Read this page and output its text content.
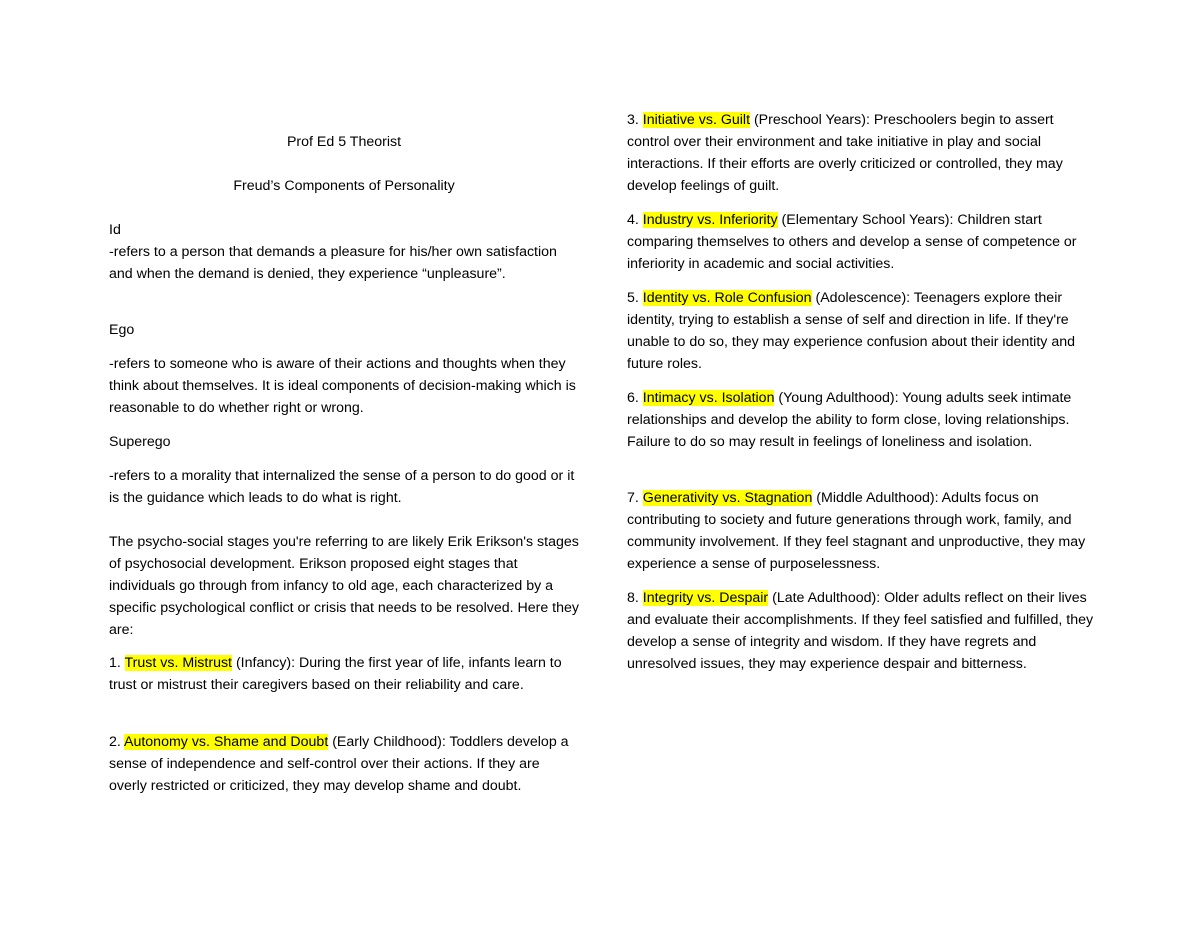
Prof Ed 5 Theorist

Freud’s Components of Personality

Id

-refers to a person that demands a pleasure for his/her own satisfaction and when the demand is denied, they experience “unpleasure”.

Ego

-refers to someone who is aware of their actions and thoughts when they think about themselves. It is ideal components of decision-making which is reasonable to do whether right or wrong.

Superego

-refers to a morality that internalized the sense of a person to do good or it is the guidance which leads to do what is right.

The psycho-social stages you're referring to are likely Erik Erikson's stages of psychosocial development. Erikson proposed eight stages that individuals go through from infancy to old age, each characterized by a specific psychological conflict or crisis that needs to be resolved. Here they are:

1. Trust vs. Mistrust (Infancy): During the first year of life, infants learn to trust or mistrust their caregivers based on their reliability and care.

2. Autonomy vs. Shame and Doubt (Early Childhood): Toddlers develop a sense of independence and self-control over their actions. If they are overly restricted or criticized, they may develop shame and doubt.

3. Initiative vs. Guilt (Preschool Years): Preschoolers begin to assert control over their environment and take initiative in play and social interactions. If their efforts are overly criticized or controlled, they may develop feelings of guilt.

4. Industry vs. Inferiority (Elementary School Years): Children start comparing themselves to others and develop a sense of competence or inferiority in academic and social activities.

5. Identity vs. Role Confusion (Adolescence): Teenagers explore their identity, trying to establish a sense of self and direction in life. If they're unable to do so, they may experience confusion about their identity and future roles.

6. Intimacy vs. Isolation (Young Adulthood): Young adults seek intimate relationships and develop the ability to form close, loving relationships. Failure to do so may result in feelings of loneliness and isolation.

7. Generativity vs. Stagnation (Middle Adulthood): Adults focus on contributing to society and future generations through work, family, and community involvement. If they feel stagnant and unproductive, they may experience a sense of purposelessness.

8. Integrity vs. Despair (Late Adulthood): Older adults reflect on their lives and evaluate their accomplishments. If they feel satisfied and fulfilled, they develop a sense of integrity and wisdom. If they have regrets and unresolved issues, they may experience despair and bitterness.
